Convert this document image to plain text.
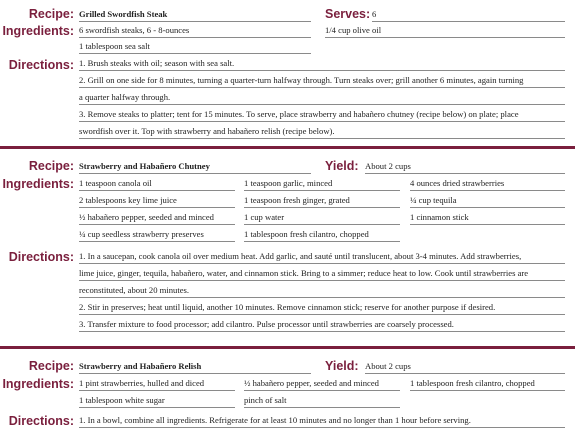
Recipe: Grilled Swordfish Steak	Serves: 6
Ingredients: 6 swordfish steaks, 6 - 8-ounces	1/4 cup olive oil
1 tablespoon sea salt
Directions: 1. Brush steaks with oil; season with sea salt.
2. Grill on one side for 8 minutes, turning a quarter-turn halfway through. Turn steaks over; grill another 6 minutes, again turning
a quarter halfway through.
3. Remove steaks to platter; tent for 15 minutes. To serve, place strawberry and habañero chutney (recipe below) on plate; place
swordfish over it. Top with strawberry and habañero relish (recipe below).
Recipe: Strawberry and Habañero Chutney	Yield: About 2 cups
Ingredients: 1 teaspoon canola oil	1 teaspoon garlic, minced	4 ounces dried strawberries
2 tablespoons key lime juice	1 teaspoon fresh ginger, grated	¼ cup tequila
½ habañero pepper, seeded and minced	1 cup water	1 cinnamon stick
¼ cup seedless strawberry preserves	1 tablespoon fresh cilantro, chopped
Directions: 1. In a saucepan, cook canola oil over medium heat. Add garlic, and sauté until translucent, about 3-4 minutes. Add strawberries,
lime juice, ginger, tequila, habañero, water, and cinnamon stick. Bring to a simmer; reduce heat to low. Cook until strawberries are
reconstituted, about 20 minutes.
2. Stir in preserves; heat until liquid, another 10 minutes. Remove cinnamon stick; reserve for another purpose if desired.
3. Transfer mixture to food processor; add cilantro. Pulse processor until strawberries are coarsely processed.
Recipe: Strawberry and Habañero Relish	Yield: About 2 cups
Ingredients: 1 pint strawberries, hulled and diced	½ habañero pepper, seeded and minced	1 tablespoon fresh cilantro, chopped
1 tablespoon white sugar	pinch of salt
Directions: 1. In a bowl, combine all ingredients. Refrigerate for at least 10 minutes and no longer than 1 hour before serving.
